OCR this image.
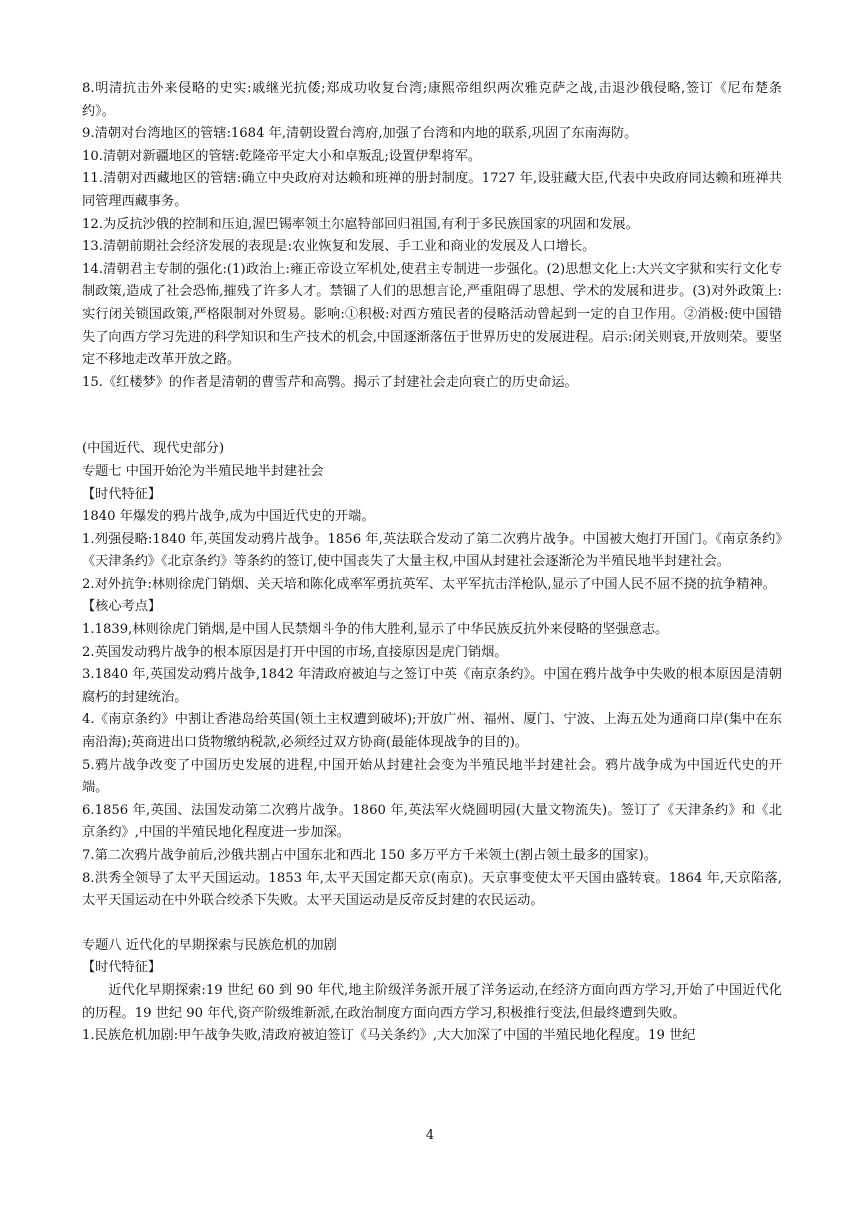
8.明清抗击外来侵略的史实:戚继光抗倭;郑成功收复台湾;康熙帝组织两次雅克萨之战,击退沙俄侵略,签订《尼布楚条约》。

9.清朝对台湾地区的管辖:1684 年,清朝设置台湾府,加强了台湾和内地的联系,巩固了东南海防。

10.清朝对新疆地区的管辖:乾隆帝平定大小和卓叛乱;设置伊犁将军。

11.清朝对西藏地区的管辖:确立中央政府对达赖和班禅的册封制度。1727 年,设驻藏大臣,代表中央政府同达赖和班禅共同管理西藏事务。

12.为反抗沙俄的控制和压迫,渥巴锡率领土尔扈特部回归祖国,有利于多民族国家的巩固和发展。

13.清朝前期社会经济发展的表现是:农业恢复和发展、手工业和商业的发展及人口增长。

14.清朝君主专制的强化:(1)政治上:雍正帝设立军机处,使君主专制进一步强化。(2)思想文化上:大兴文字狱和实行文化专制政策,造成了社会恐怖,摧残了许多人才。禁锢了人们的思想言论,严重阻碍了思想、学术的发展和进步。(3)对外政策上:实行闭关锁国政策,严格限制对外贸易。影响:①积极:对西方殖民者的侵略活动曾起到一定的自卫作用。②消极:使中国错失了向西方学习先进的科学知识和生产技术的机会,中国逐渐落伍于世界历史的发展进程。启示:闭关则衰,开放则荣。要坚定不移地走改革开放之路。

15.《红楼梦》的作者是清朝的曹雪芹和高鹗。揭示了封建社会走向衰亡的历史命运。

(中国近代、现代史部分)

专题七 中国开始沦为半殖民地半封建社会

【时代特征】

1840 年爆发的鸦片战争,成为中国近代史的开端。

1.列强侵略:1840 年,英国发动鸦片战争。1856 年,英法联合发动了第二次鸦片战争。中国被大炮打开国门。《南京条约》《天津条约》《北京条约》等条约的签订,使中国丧失了大量主权,中国从封建社会逐渐沦为半殖民地半封建社会。

2.对外抗争:林则徐虎门销烟、关天培和陈化成率军勇抗英军、太平军抗击洋枪队,显示了中国人民不屈不挠的抗争精神。

【核心考点】

1.1839,林则徐虎门销烟,是中国人民禁烟斗争的伟大胜利,显示了中华民族反抗外来侵略的坚强意志。

2.英国发动鸦片战争的根本原因是打开中国的市场,直接原因是虎门销烟。

3.1840 年,英国发动鸦片战争,1842 年清政府被迫与之签订中英《南京条约》。中国在鸦片战争中失败的根本原因是清朝腐朽的封建统治。

4.《南京条约》中割让香港岛给英国(领土主权遭到破坏);开放广州、福州、厦门、宁波、上海五处为通商口岸(集中在东南沿海);英商进出口货物缴纳税款,必须经过双方协商(最能体现战争的目的)。

5.鸦片战争改变了中国历史发展的进程,中国开始从封建社会变为半殖民地半封建社会。鸦片战争成为中国近代史的开端。

6.1856 年,英国、法国发动第二次鸦片战争。1860 年,英法军火烧圆明园(大量文物流失)。签订了《天津条约》和《北京条约》,中国的半殖民地化程度进一步加深。

7.第二次鸦片战争前后,沙俄共割占中国东北和西北 150 多万平方千米领土(割占领土最多的国家)。

8.洪秀全领导了太平天国运动。1853 年,太平天国定都天京(南京)。天京事变使太平天国由盛转衰。1864 年,天京陷落,太平天国运动在中外联合绞杀下失败。太平天国运动是反帝反封建的农民运动。

专题八 近代化的早期探索与民族危机的加剧

【时代特征】

近代化早期探索:19 世纪 60 到 90 年代,地主阶级洋务派开展了洋务运动,在经济方面向西方学习,开始了中国近代化的历程。19 世纪 90 年代,资产阶级维新派,在政治制度方面向西方学习,积极推行变法,但最终遭到失败。

1.民族危机加剧:甲午战争失败,清政府被迫签订《马关条约》,大大加深了中国的半殖民地化程度。19 世纪

4
